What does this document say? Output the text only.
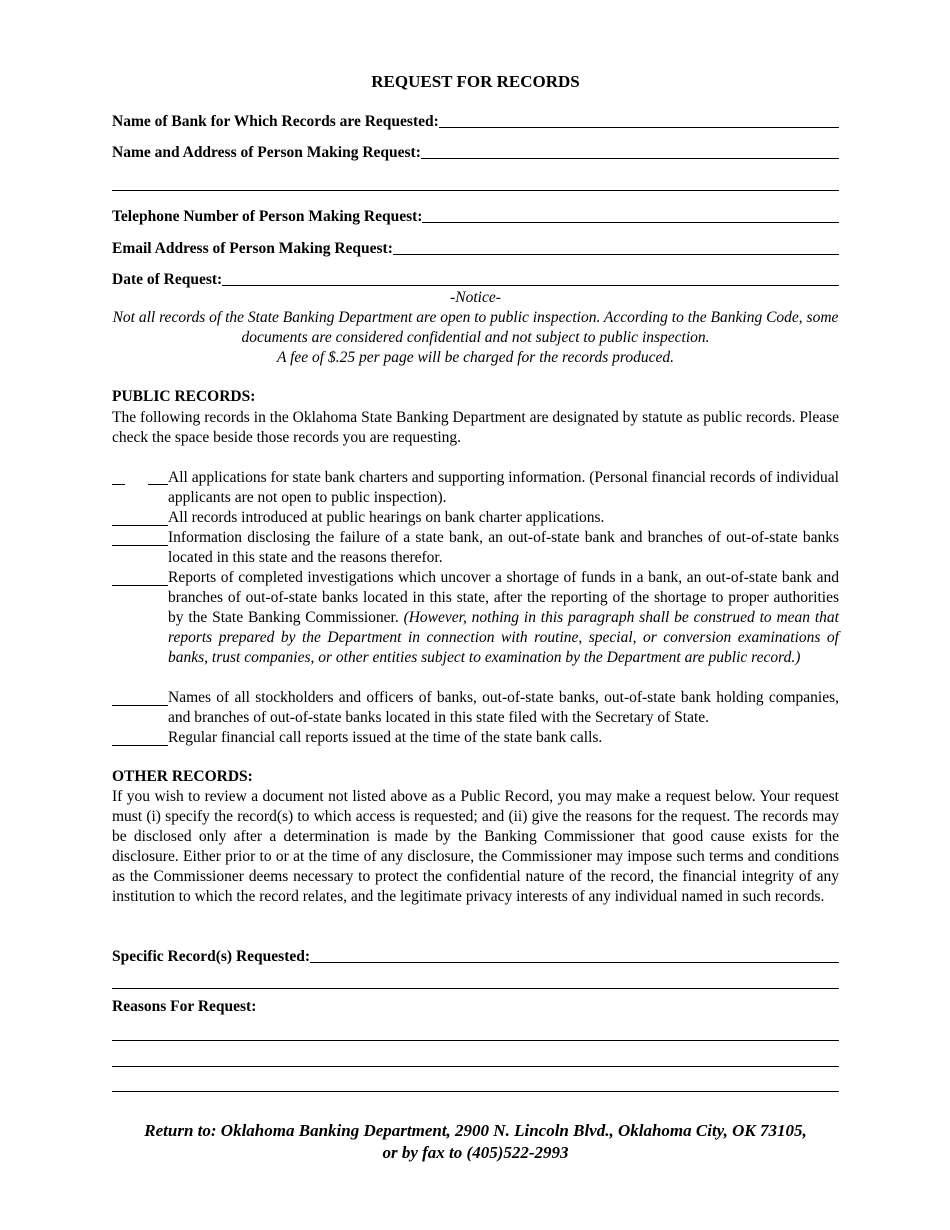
REQUEST FOR RECORDS
Name of Bank for Which Records are Requested:
Name and Address of Person Making Request:
Telephone Number of Person Making Request:
Email Address of Person Making Request:
Date of Request:
-Notice-
Not all records of the State Banking Department are open to public inspection. According to the Banking Code, some documents are considered confidential and not subject to public inspection.
A fee of $.25 per page will be charged for the records produced.
PUBLIC RECORDS:
The following records in the Oklahoma State Banking Department are designated by statute as public records. Please check the space beside those records you are requesting.
All applications for state bank charters and supporting information. (Personal financial records of individual applicants are not open to public inspection).
All records introduced at public hearings on bank charter applications.
Information disclosing the failure of a state bank, an out-of-state bank and branches of out-of-state banks located in this state and the reasons therefor.
Reports of completed investigations which uncover a shortage of funds in a bank, an out-of-state bank and branches of out-of-state banks located in this state, after the reporting of the shortage to proper authorities by the State Banking Commissioner. (However, nothing in this paragraph shall be construed to mean that reports prepared by the Department in connection with routine, special, or conversion examinations of banks, trust companies, or other entities subject to examination by the Department are public record.)
Names of all stockholders and officers of banks, out-of-state banks, out-of-state bank holding companies, and branches of out-of-state banks located in this state filed with the Secretary of State.
Regular financial call reports issued at the time of the state bank calls.
OTHER RECORDS:
If you wish to review a document not listed above as a Public Record, you may make a request below. Your request must (i) specify the record(s) to which access is requested; and (ii) give the reasons for the request. The records may be disclosed only after a determination is made by the Banking Commissioner that good cause exists for the disclosure. Either prior to or at the time of any disclosure, the Commissioner may impose such terms and conditions as the Commissioner deems necessary to protect the confidential nature of the record, the financial integrity of any institution to which the record relates, and the legitimate privacy interests of any individual named in such records.
Specific Record(s) Requested:
Reasons For Request:
Return to: Oklahoma Banking Department, 2900 N. Lincoln Blvd., Oklahoma City, OK 73105,
or by fax to (405)522-2993
